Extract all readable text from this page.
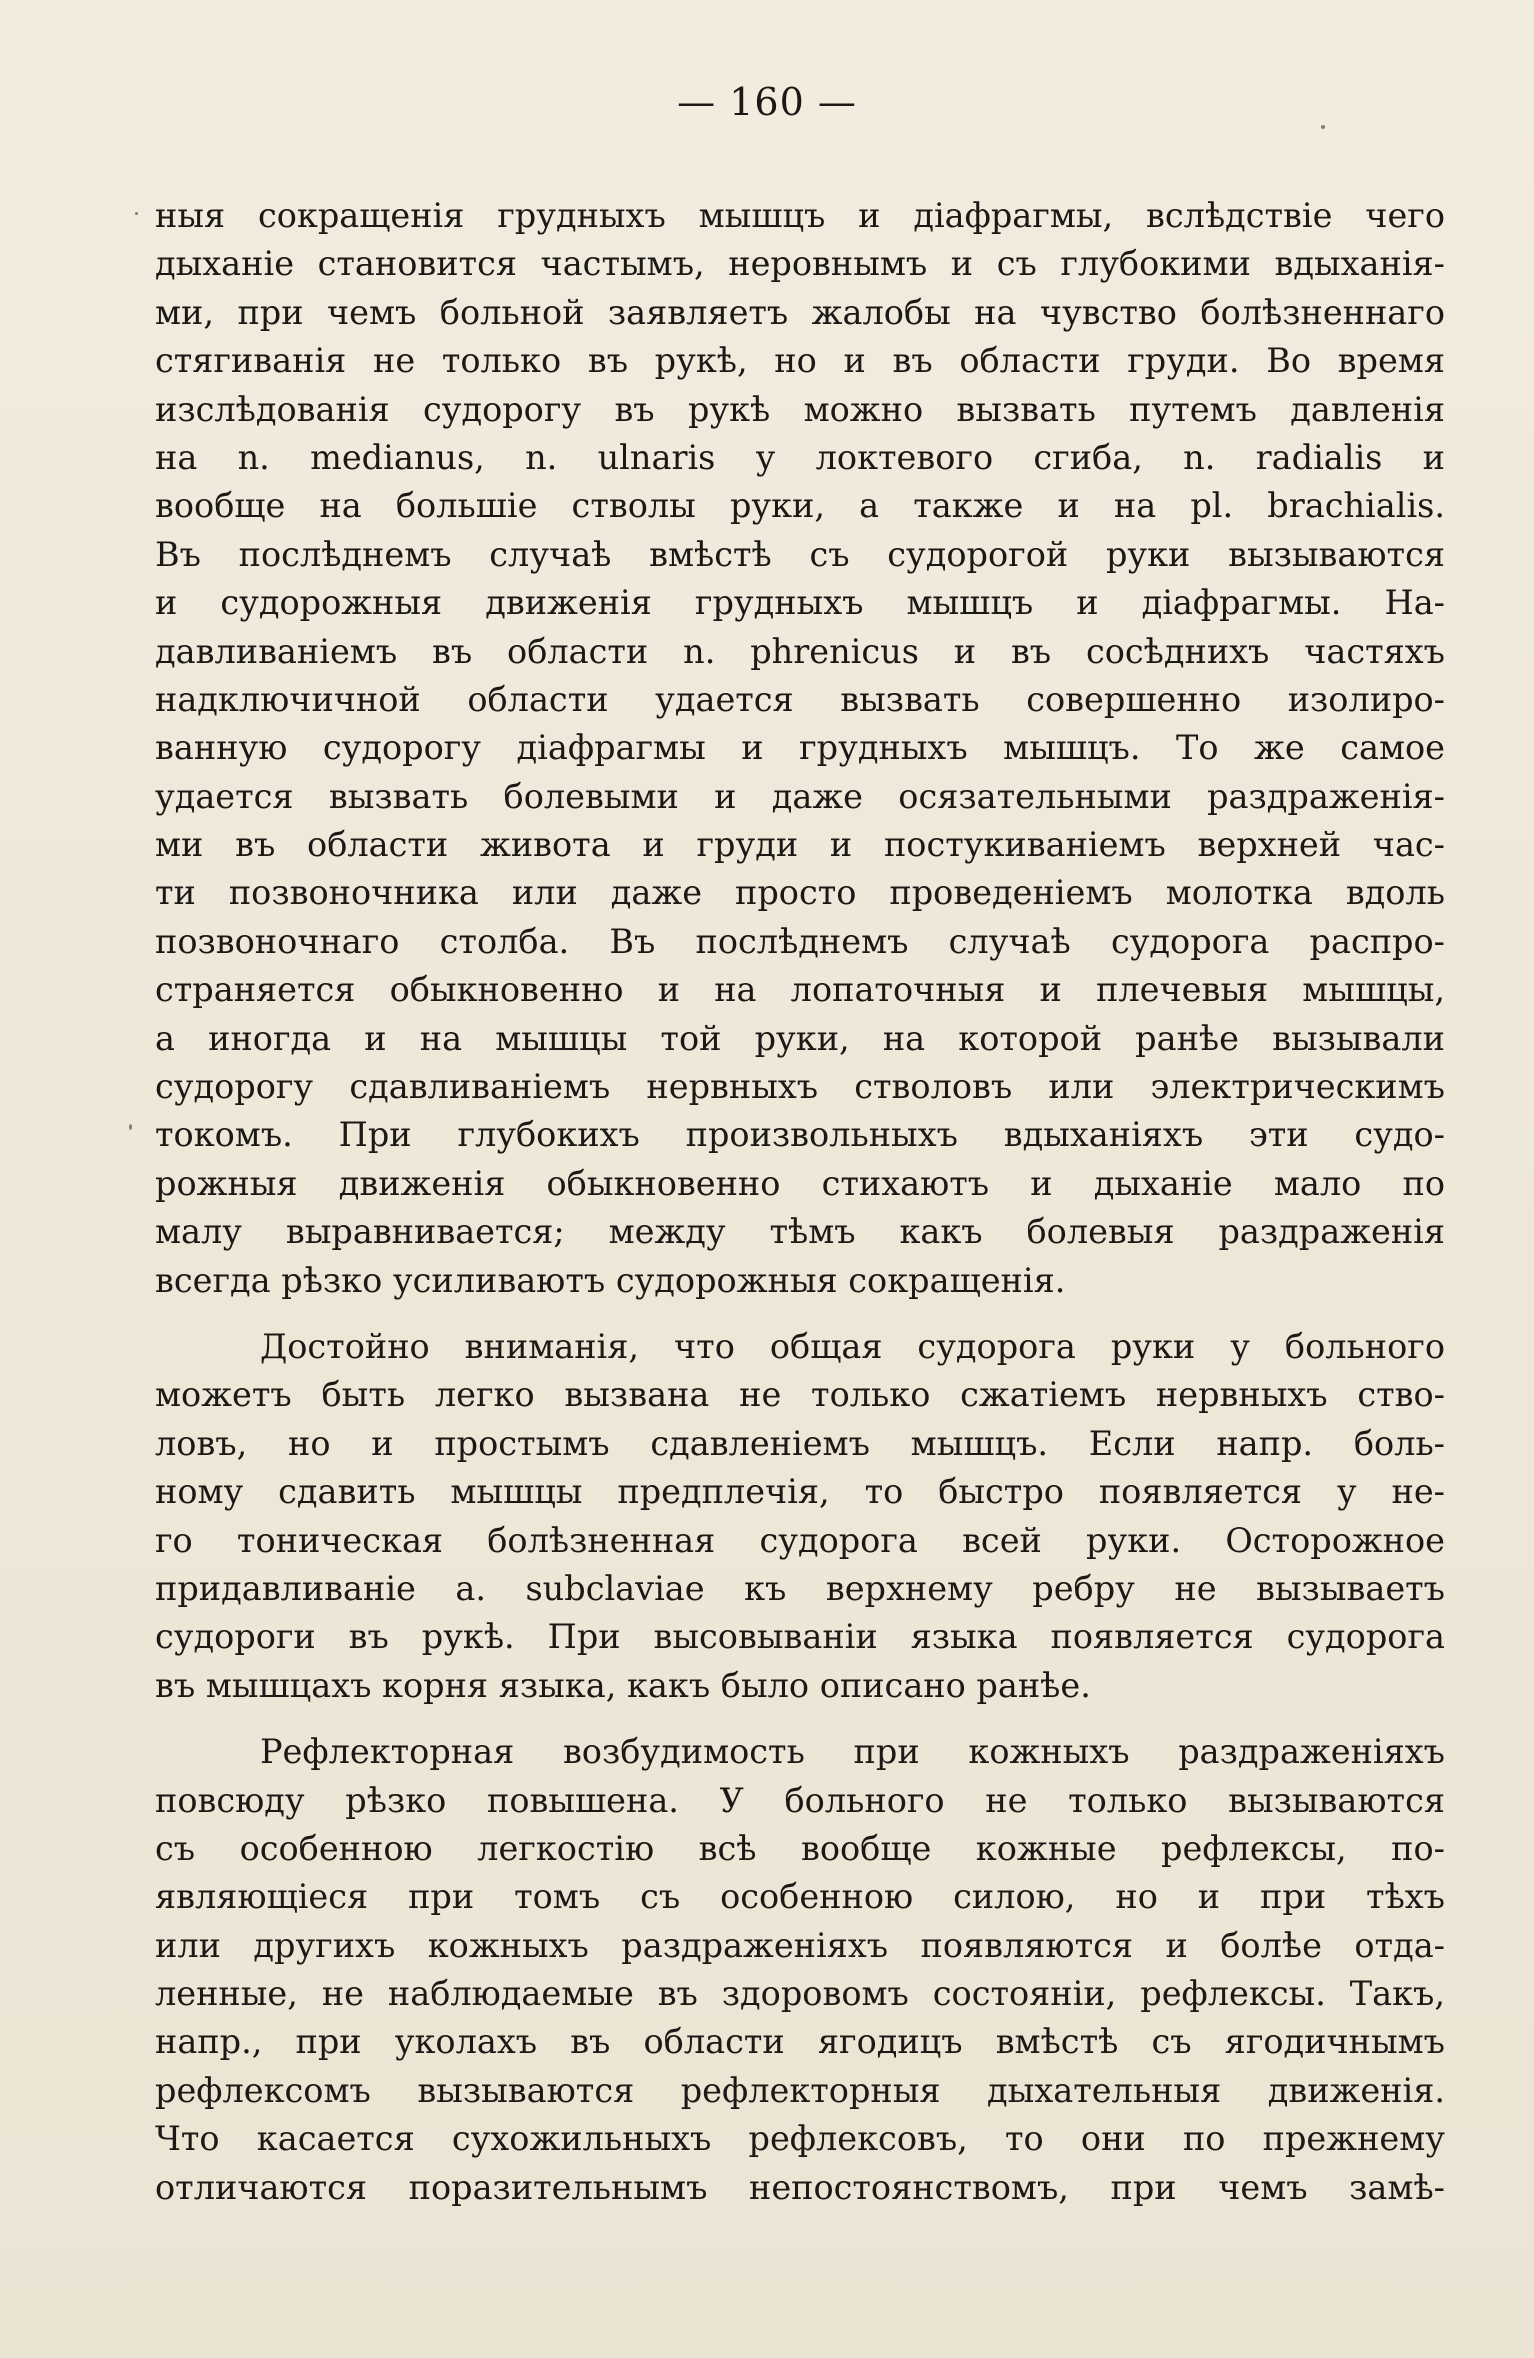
— 160 —
ныя сокращенія грудныхъ мышцъ и діафрагмы, вслѣдствіе чего
дыханіе становится частымъ, неровнымъ и съ глубокими вдыханія-
ми, при чемъ больной заявляетъ жалобы на чувство болѣзненнаго
стягиванія не только въ рукѣ, но и въ области груди. Во время
изслѣдованія судорогу въ рукѣ можно вызвать путемъ давленія
на n. medianus, n. ulnaris у локтевого сгиба, n. radialis и
вообще на большіе стволы руки, а также и на pl. brachialis.
Въ послѣднемъ случаѣ вмѣстѣ съ судорогой руки вызываются
и судорожныя движенія грудныхъ мышцъ и діафрагмы. На-
давливаніемъ въ области n. phrenicus и въ сосѣднихъ частяхъ
надключичной области удается вызвать совершенно изолиро-
ванную судорогу діафрагмы и грудныхъ мышцъ. То же самое
удается вызвать болевыми и даже осязательными раздраженія-
ми въ области живота и груди и постукиваніемъ верхней час-
ти позвоночника или даже просто проведеніемъ молотка вдоль
позвоночнаго столба. Въ послѣднемъ случаѣ судорога распро-
страняется обыкновенно и на лопаточныя и плечевыя мышцы,
а иногда и на мышцы той руки, на которой ранѣе вызывали
судорогу сдавливаніемъ нервныхъ стволовъ или электрическимъ
токомъ. При глубокихъ произвольныхъ вдыханіяхъ эти судо-
рожныя движенія обыкновенно стихаютъ и дыханіе мало по
малу выравнивается; между тѣмъ какъ болевыя раздраженія
всегда рѣзко усиливаютъ судорожныя сокращенія.
Достойно вниманія, что общая судорога руки у больного
можетъ быть легко вызвана не только сжатіемъ нервныхъ ство-
ловъ, но и простымъ сдавленіемъ мышцъ. Если напр. боль-
ному сдавить мышцы предплечія, то быстро появляется у не-
го тоническая болѣзненная судорога всей руки. Осторожное
придавливаніе a. subclaviae къ верхнему ребру не вызываетъ
судороги въ рукѣ. При высовываніи языка появляется судорога
въ мышцахъ корня языка, какъ было описано ранѣе.
Рефлекторная возбудимость при кожныхъ раздраженіяхъ
повсюду рѣзко повышена. У больного не только вызываются
съ особенною легкостію всѣ вообще кожные рефлексы, по-
являющіеся при томъ съ особенною силою, но и при тѣхъ
или другихъ кожныхъ раздраженіяхъ появляются и болѣе отда-
ленные, не наблюдаемые въ здоровомъ состояніи, рефлексы. Такъ,
напр., при уколахъ въ области ягодицъ вмѣстѣ съ ягодичнымъ
рефлексомъ вызываются рефлекторныя дыхательныя движенія.
Что касается сухожильныхъ рефлексовъ, то они по прежнему
отличаются поразительнымъ непостоянствомъ, при чемъ замѣ-
